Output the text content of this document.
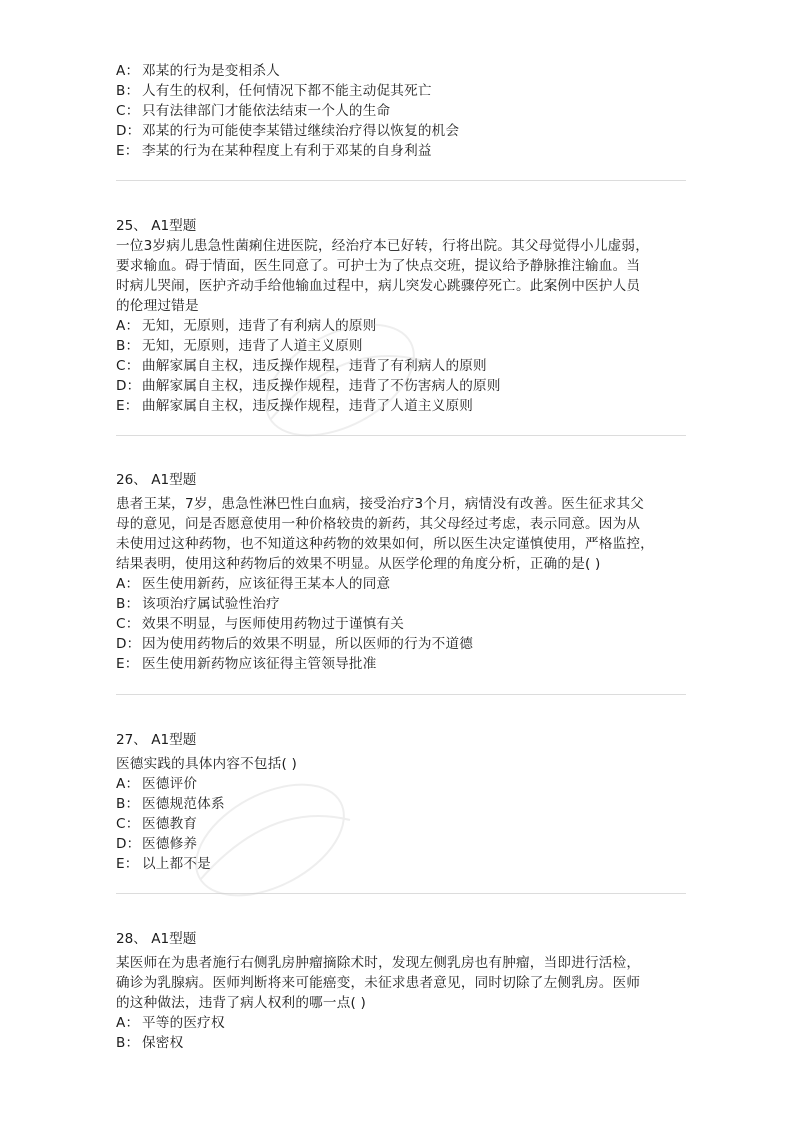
A： 邓某的行为是变相杀人
B： 人有生的权利，任何情况下都不能主动促其死亡
C： 只有法律部门才能依法结束一个人的生命
D： 邓某的行为可能使李某错过继续治疗得以恢复的机会
E： 李某的行为在某种程度上有利于邓某的自身利益
25、 A1型题
一位3岁病儿患急性菌痢住进医院，经治疗本已好转，行将出院。其父母觉得小儿虚弱，
要求输血。碍于情面，医生同意了。可护士为了快点交班，提议给予静脉推注输血。当
时病儿哭闹，医护齐动手给他输血过程中，病儿突发心跳骤停死亡。此案例中医护人员
的伦理过错是
A： 无知，无原则，违背了有利病人的原则
B： 无知，无原则，违背了人道主义原则
C： 曲解家属自主权，违反操作规程，违背了有利病人的原则
D： 曲解家属自主权，违反操作规程，违背了不伤害病人的原则
E： 曲解家属自主权，违反操作规程，违背了人道主义原则
26、 A1型题
患者王某，7岁，患急性淋巴性白血病，接受治疗3个月，病情没有改善。医生征求其父
母的意见，问是否愿意使用一种价格较贵的新药，其父母经过考虑，表示同意。因为从
未使用过这种药物，也不知道这种药物的效果如何，所以医生决定谨慎使用，严格监控，
结果表明，使用这种药物后的效果不明显。从医学伦理的角度分析，正确的是( )
A： 医生使用新药，应该征得王某本人的同意
B： 该项治疗属试验性治疗
C： 效果不明显，与医师使用药物过于谨慎有关
D： 因为使用药物后的效果不明显，所以医师的行为不道德
E： 医生使用新药物应该征得主管领导批准
27、 A1型题
医德实践的具体内容不包括( )
A： 医德评价
B： 医德规范体系
C： 医德教育
D： 医德修养
E： 以上都不是
28、 A1型题
某医师在为患者施行右侧乳房肿瘤摘除术时，发现左侧乳房也有肿瘤，当即进行活检，
确诊为乳腺病。医师判断将来可能癌变，未征求患者意见，同时切除了左侧乳房。医师
的这种做法，违背了病人权利的哪一点( )
A： 平等的医疗权
B： 保密权
